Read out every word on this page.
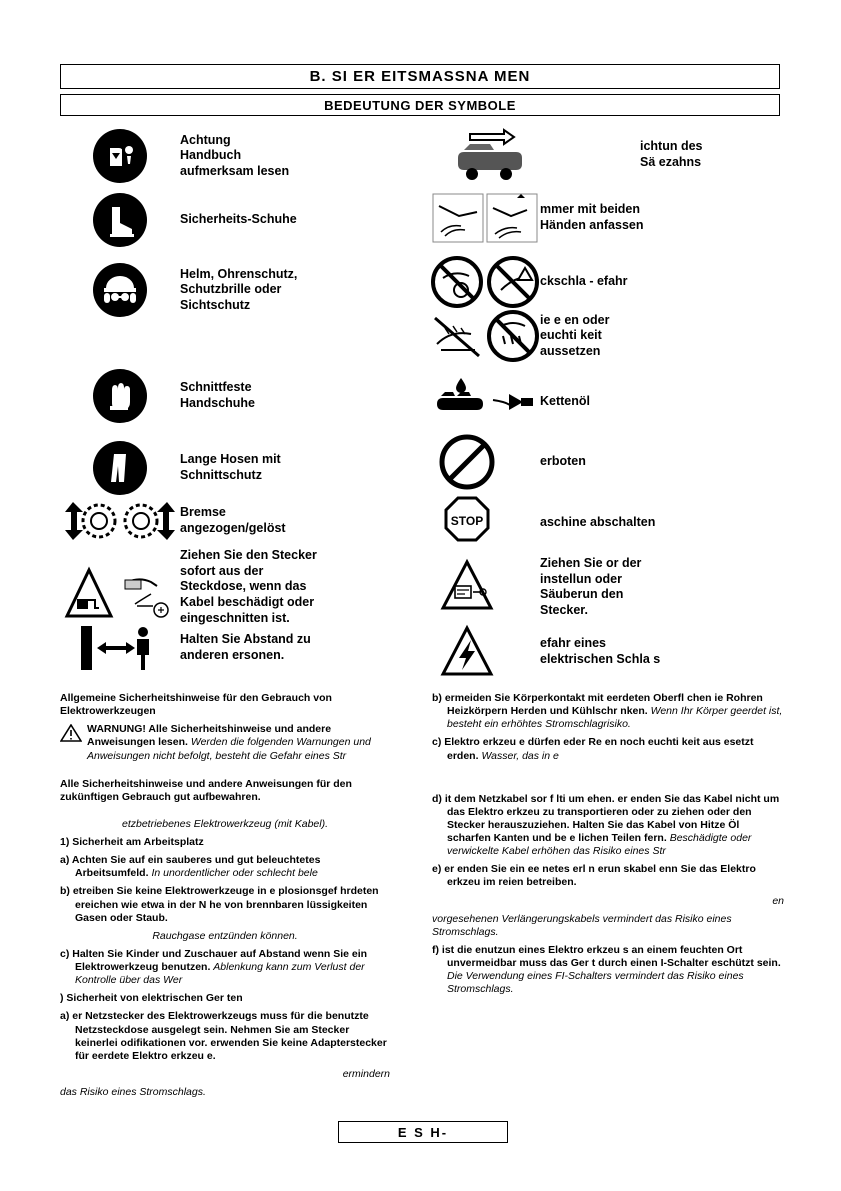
B. SI ER EITSMASSNA MEN
BEDEUTUNG DER SYMBOLE
Achtung
Handbuch
aufmerksam lesen
Sicherheits-Schuhe
Helm, Ohrenschutz,
Schutzbrille oder
Sichtschutz
Schnittfeste
Handschuhe
Lange Hosen mit
Schnittschutz
Bremse
angezogen/gelöst
Ziehen Sie den Stecker
sofort aus der
Steckdose, wenn das
Kabel beschädigt oder
eingeschnitten ist.
Halten Sie Abstand zu
anderen ersonen.
ichtun des
Sä ezahns
mmer mit beiden
Händen anfassen
ckschla - efahr
ie e en oder
euchti keit
aussetzen
Kettenöl
erboten
STOP	aschine abschalten
Ziehen Sie or der
instellun oder
Säuberun den
Stecker.
efahr eines
elektrischen Schla s

Allgemeine Sicherheitshinweise für den Gebrauch von Elektrowerkzeugen

WARNUNG! Alle Sicherheitshinweise und andere Anweisungen lesen. Werden die folgenden Warnungen und Anweisungen nicht befolgt, besteht die Gefahr eines Str

Alle Sicherheitshinweise und andere Anweisungen für den zukünftigen Gebrauch gut aufbewahren.

etzbetriebenes Elektrowerkzeug (mit Kabel).

1) Sicherheit am Arbeitsplatz

a) Achten Sie auf ein sauberes und gut beleuchtetes Arbeitsumfeld. In unordentlicher oder schlecht bele

b) etreiben Sie keine Elektrowerkzeuge in e plosionsgef hrdeten ereichen wie etwa in der N he von brennbaren lüssigkeiten Gasen oder Staub.

Rauchgase entzünden können.

c) Halten Sie Kinder und Zuschauer auf Abstand wenn Sie ein Elektrowerkzeug benutzen. Ablenkung kann zum Verlust der Kontrolle über das Wer

) Sicherheit von elektrischen Ger ten

a) er Netzstecker des Elektrowerkzeugs muss für die benutzte Netzsteckdose ausgelegt sein. Nehmen Sie am Stecker keinerlei odifikationen vor. erwenden Sie keine Adapterstecker für eerdete Elektro erkzeu e.

ermindern

das Risiko eines Stromschlags.

b) ermeiden Sie Körperkontakt mit eerdeten Oberfl chen ie Rohren Heizkörpern Herden und Kühlschr nken. Wenn Ihr Körper geerdet ist, besteht ein erhöhtes Stromschlagrisiko.

c) Elektro erkzeu e dürfen eder Re en noch euchti keit aus esetzt erden. Wasser, das in e

d) it dem Netzkabel sor f lti um ehen. er enden Sie das Kabel nicht um das Elektro erkzeu zu transportieren oder zu ziehen oder den Stecker herauszuziehen. Halten Sie das Kabel von Hitze Öl scharfen Kanten und be e lichen Teilen fern. Beschädigte oder verwickelte Kabel erhöhen das Risiko eines Str

e) er enden Sie ein ee netes erl n erun skabel enn Sie das Elektro erkzeu im reien betreiben.

en

vorgesehenen Verlängerungskabels vermindert das Risiko eines Stromschlags.

f) ist die enutzun eines Elektro erkzeu s an einem feuchten Ort unvermeidbar muss das Ger t durch einen I-Schalter eschützt sein. Die Verwendung eines FI-Schalters vermindert das Risiko eines Stromschlags.

E S H-
